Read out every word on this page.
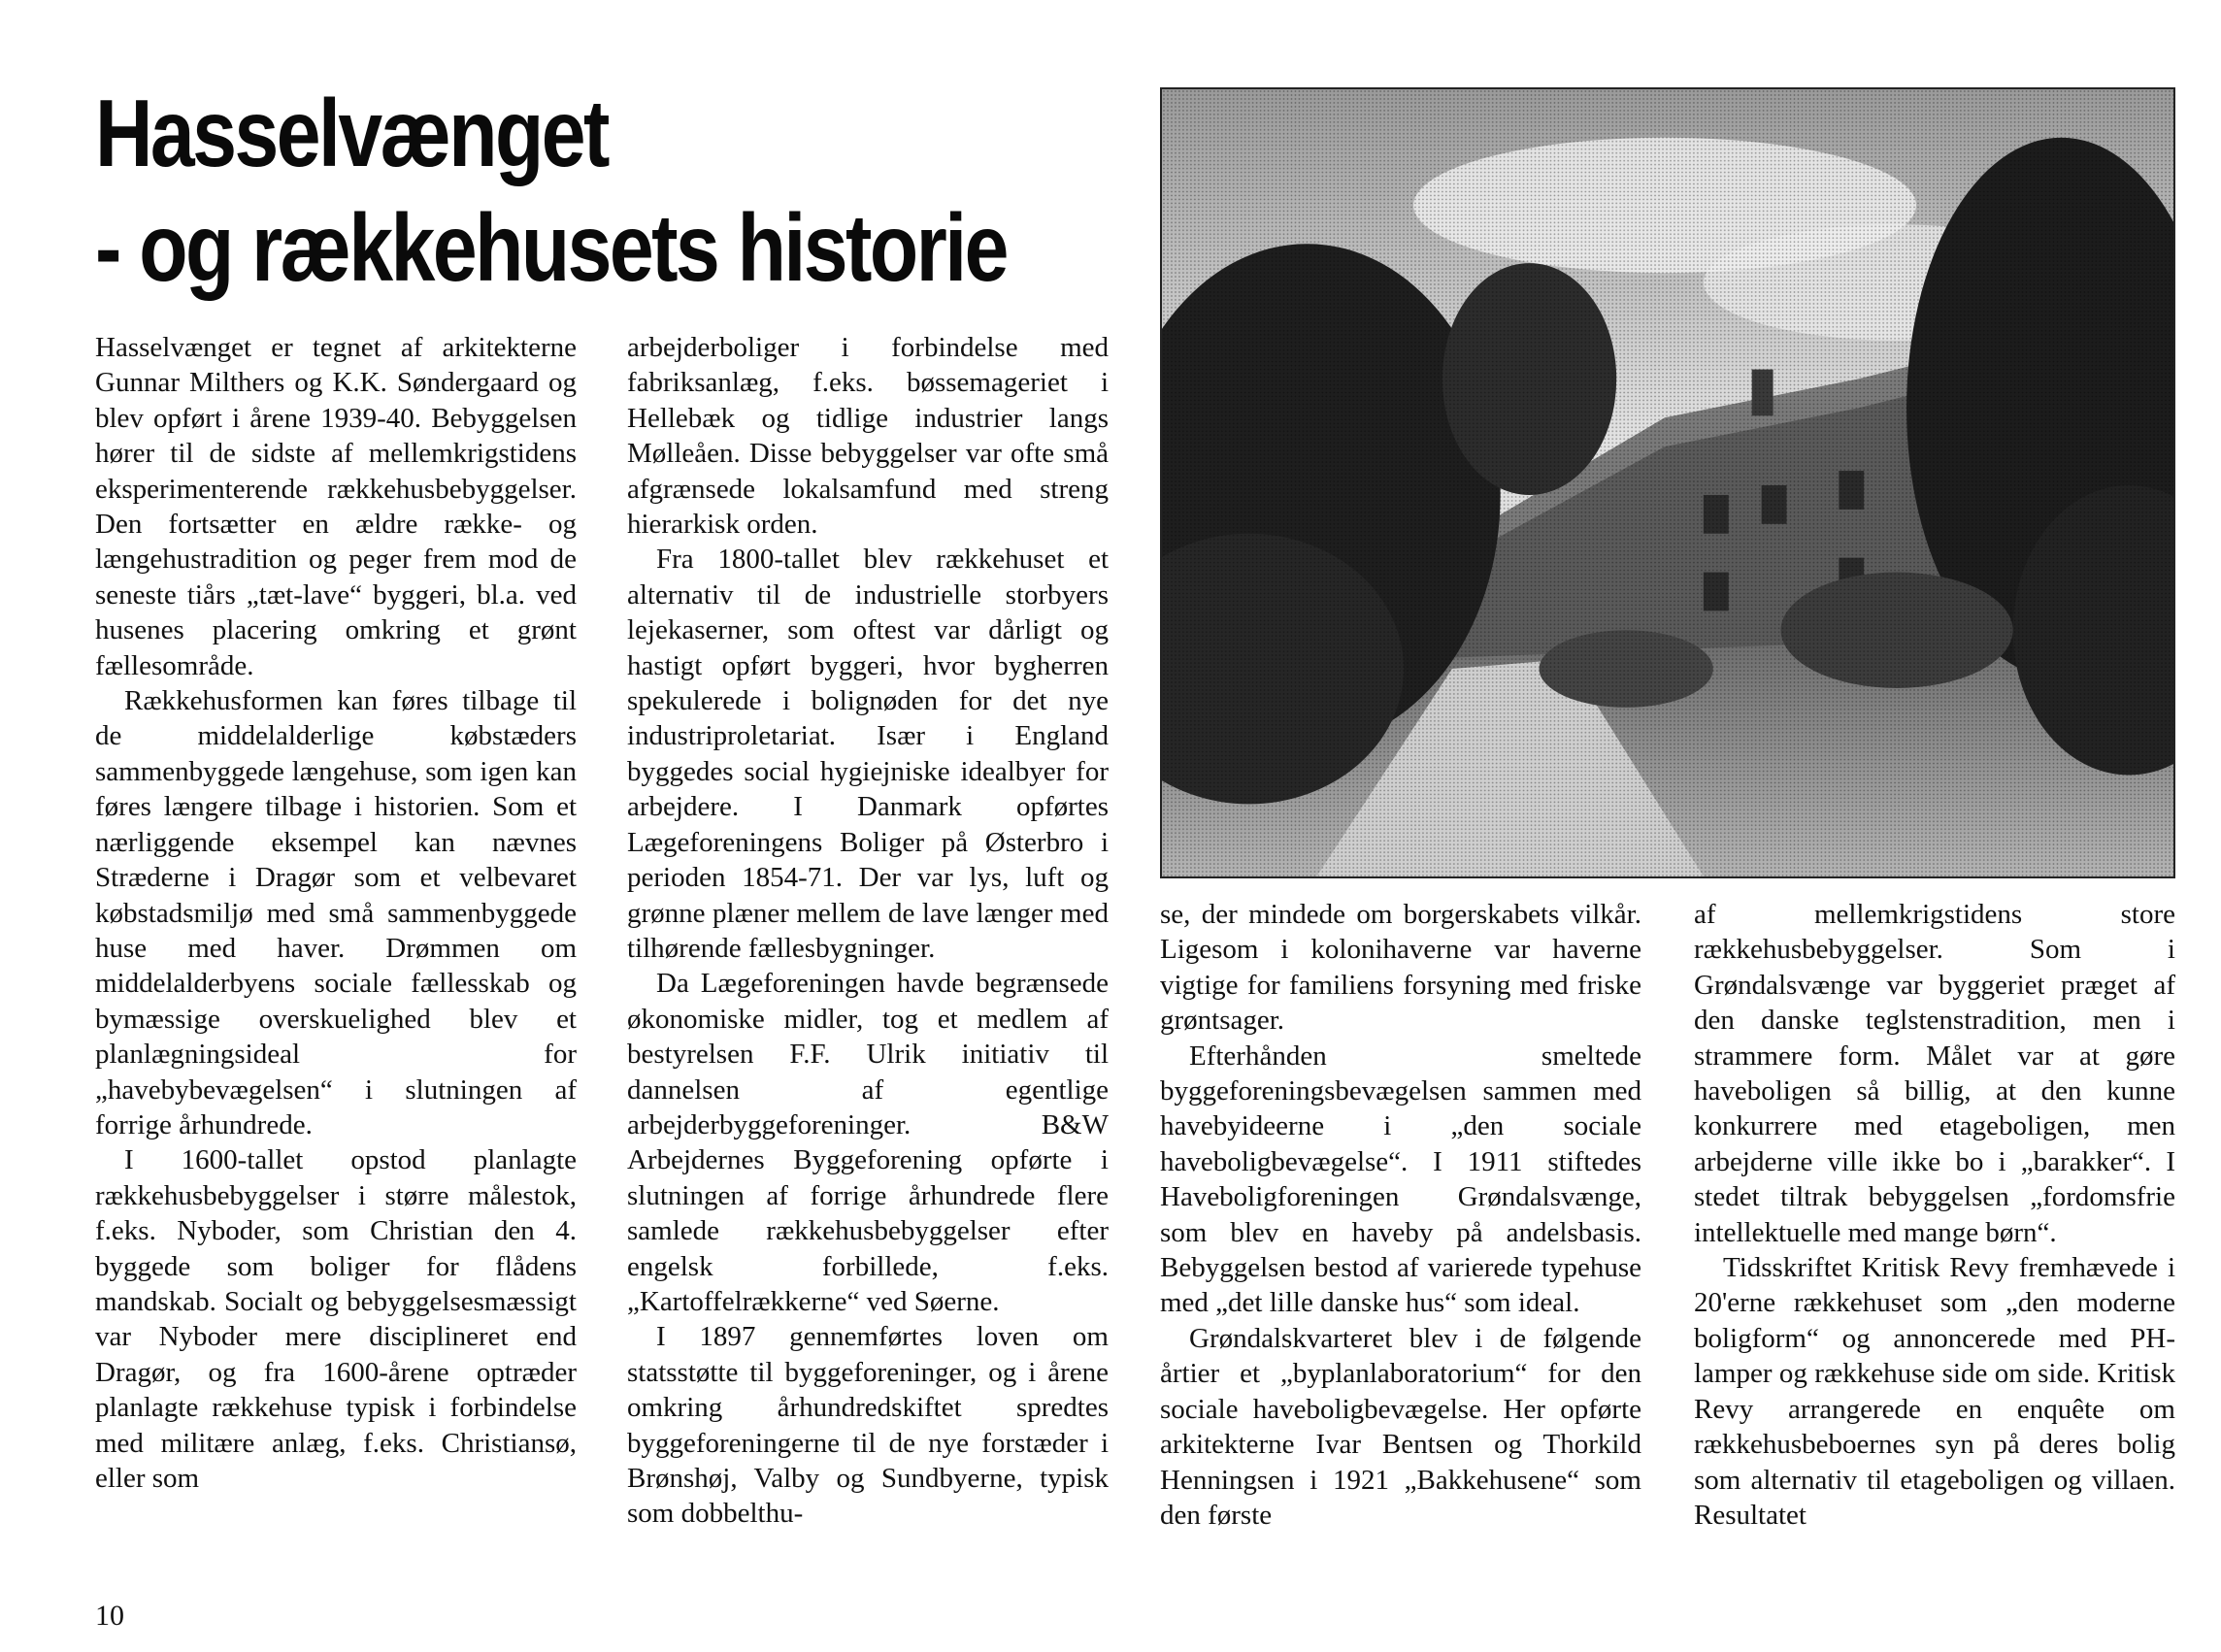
Hasselvænget
- og rækkehusets historie

Hasselvænget er tegnet af arkitekterne Gunnar Milthers og K.K. Søndergaard og blev opført i årene 1939-40. Bebyggelsen hører til de sidste af mellemkrigstidens eksperimenterende rækkehusbebyggelser. Den fortsætter en ældre række- og længehustradition og peger frem mod de seneste tiårs „tæt-lave“ byggeri, bl.a. ved husenes placering omkring et grønt fællesområde.

Rækkehusformen kan føres tilbage til de middelalderlige købstæders sammenbyggede længehuse, som igen kan føres længere tilbage i historien. Som et nærliggende eksempel kan nævnes Stræderne i Dragør som et velbevaret købstadsmiljø med små sammenbyggede huse med haver. Drømmen om middelalderbyens sociale fællesskab og bymæssige overskuelighed blev et planlægningsideal for „havebybevægelsen“ i slutningen af forrige århundrede.

I 1600-tallet opstod planlagte rækkehusbebyggelser i større målestok, f.eks. Nyboder, som Christian den 4. byggede som boliger for flådens mandskab. Socialt og bebyggelsesmæssigt var Nyboder mere disciplineret end Dragør, og fra 1600-årene optræder planlagte rækkehuse typisk i forbindelse med militære anlæg, f.eks. Christiansø, eller som

arbejderboliger i forbindelse med fabriksanlæg, f.eks. bøssemageriet i Hellebæk og tidlige industrier langs Mølleåen. Disse bebyggelser var ofte små afgrænsede lokalsamfund med streng hierarkisk orden.

Fra 1800-tallet blev rækkehuset et alternativ til de industrielle storbyers lejekaserner, som oftest var dårligt og hastigt opført byggeri, hvor bygherren spekulerede i bolignøden for det nye industriproletariat. Især i England byggedes social hygiejniske idealbyer for arbejdere. I Danmark opførtes Lægeforeningens Boliger på Østerbro i perioden 1854-71. Der var lys, luft og grønne plæner mellem de lave længer med tilhørende fællesbygninger.

Da Lægeforeningen havde begrænsede økonomiske midler, tog et medlem af bestyrelsen F.F. Ulrik initiativ til dannelsen af egentlige arbejderbyggeforeninger. B&W Arbejdernes Byggeforening opførte i slutningen af forrige århundrede flere samlede rækkehusbebyggelser efter engelsk forbillede, f.eks. „Kartoffelrækkerne“ ved Søerne.

I 1897 gennemførtes loven om statsstøtte til byggeforeninger, og i årene omkring århundredskiftet spredtes byggeforeningerne til de nye forstæder i Brønshøj, Valby og Sundbyerne, typisk som dobbelthu-

se, der mindede om borgerskabets vilkår. Ligesom i kolonihaverne var haverne vigtige for familiens forsyning med friske grøntsager.

Efterhånden smeltede byggeforeningsbevægelsen sammen med havebyideerne i „den sociale haveboligbevægelse“. I 1911 stiftedes Haveboligforeningen Grøndalsvænge, som blev en haveby på andelsbasis. Bebyggelsen bestod af varierede typehuse med „det lille danske hus“ som ideal.

Grøndalskvarteret blev i de følgende årtier et „byplanlaboratorium“ for den sociale haveboligbevægelse. Her opførte arkitekterne Ivar Bentsen og Thorkild Henningsen i 1921 „Bakkehusene“ som den første

af mellemkrigstidens store rækkehusbebyggelser. Som i Grøndalsvænge var byggeriet præget af den danske teglstenstradition, men i strammere form. Målet var at gøre haveboligen så billig, at den kunne konkurrere med etageboligen, men arbejderne ville ikke bo i „barakker“. I stedet tiltrak bebyggelsen „fordomsfrie intellektuelle med mange børn“.

Tidsskriftet Kritisk Revy fremhævede i 20'erne rækkehuset som „den moderne boligform“ og annoncerede med PH-lamper og rækkehuse side om side. Kritisk Revy arrangerede en enquête om rækkehusbeboernes syn på deres bolig som alternativ til etageboligen og villaen. Resultatet

10
